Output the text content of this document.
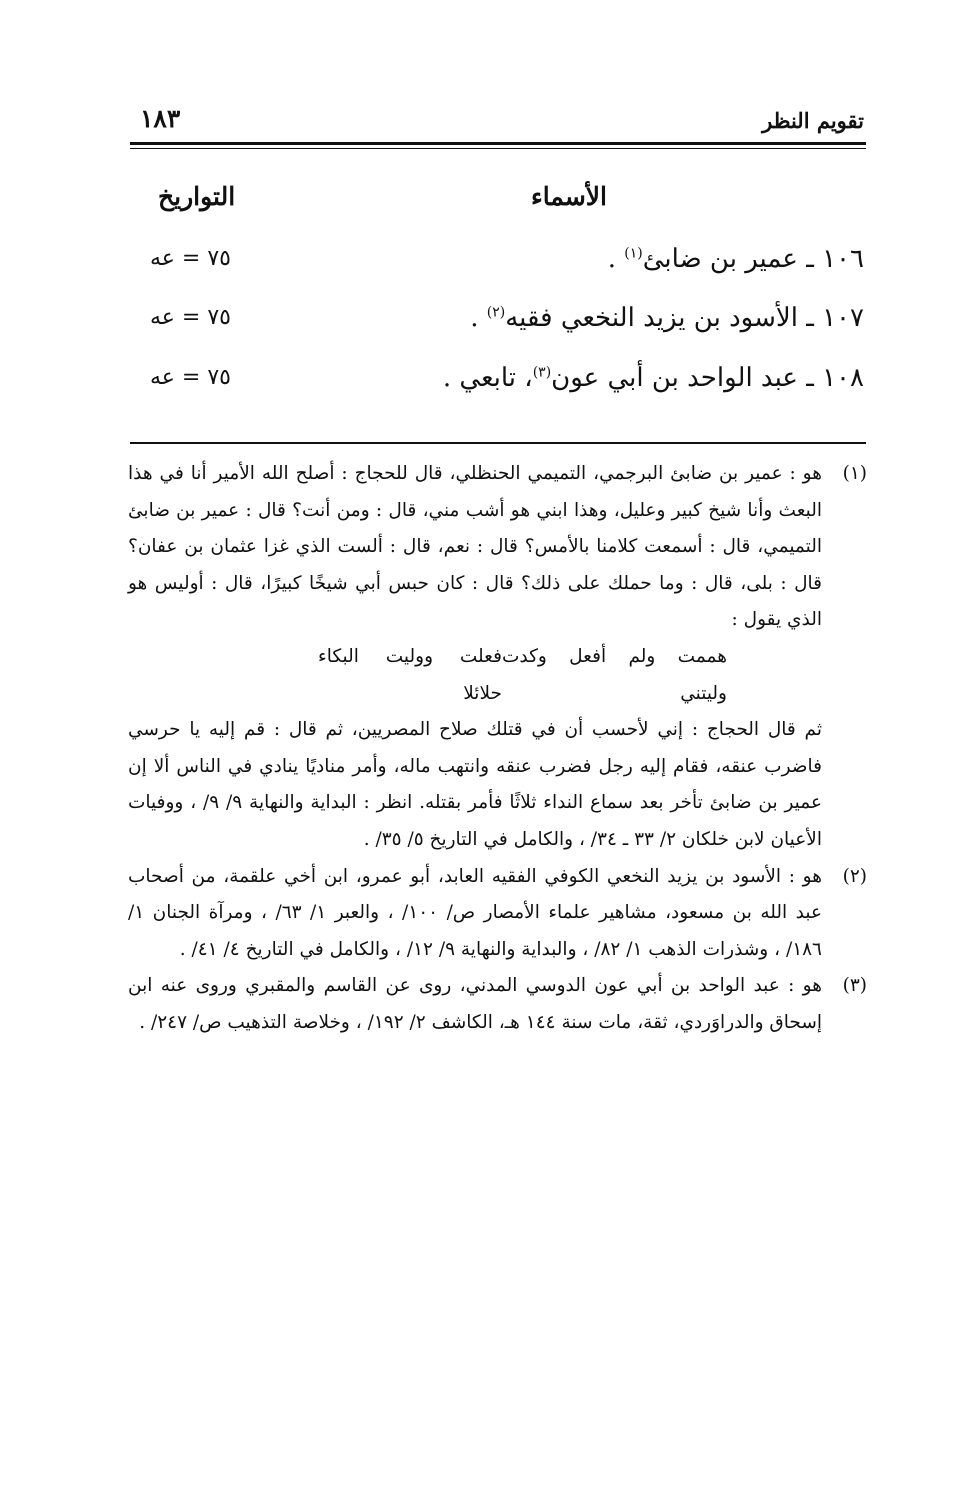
تقويم النظر
١٨٣
الأسماء
التواريخ
١٠٦ ـ عمير بن ضابئ$^{(١)}$ .
٧٥ = عه
١٠٧ ـ الأسود بن يزيد النخعي فقيه$^{(٢)}$ .
٧٥ = عه
١٠٨ ـ عبد الواحد بن أبي عون$^{(٣)}$، تابعي .
٧٥ = عه
(١)
هو : عمير بن ضابئ البرجمي، التميمي الحنظلي، قال للحجاج : أصلح الله الأمير أنا في هذا البعث وأنا شيخ كبير وعليل، وهذا ابني هو أشب مني، قال : ومن أنت؟ قال : عمير بن ضابئ التميمي، قال : أسمعت كلامنا بالأمس؟ قال : نعم، قال : ألست الذي غزا عثمان بن عفان؟ قال : بلى، قال : وما حملك على ذلك؟ قال : كان حبس أبي شيخًا كبيرًا، قال : أوليس هو الذي يقول :
هممت ولم أفعل وكدت وليتني
فعلت ووليت البكاء حلائلا
ثم قال الحجاج : إني لأحسب أن في قتلك صلاح المصريين، ثم قال : قم إليه يا حرسي فاضرب عنقه، فقام إليه رجل فضرب عنقه وانتهب ماله، وأمر مناديًا ينادي في الناس ألا إن عمير بن ضابئ تأخر بعد سماع النداء ثلاثًا فأمر بقتله. انظر : البداية والنهاية ٩/ ٩/ ، ووفيات الأعيان لابن خلكان ٢/ ٣٣ ـ ٣٤/ ، والكامل في التاريخ ٥/ ٣٥/ .
(٢)
هو : الأسود بن يزيد النخعي الكوفي الفقيه العابد، أبو عمرو، ابن أخي علقمة، من أصحاب عبد الله بن مسعود، مشاهير علماء الأمصار ص/ ١٠٠/ ، والعبر ١/ ٦٣/ ، ومرآة الجنان ١/ ١٨٦/ ، وشذرات الذهب ١/ ٨٢/ ، والبداية والنهاية ٩/ ١٢/ ، والكامل في التاريخ ٤/ ٤١/ .
(٣)
هو : عبد الواحد بن أبي عون الدوسي المدني، روى عن القاسم والمقبري وروى عنه ابن إسحاق والدراوَردي، ثقة، مات سنة ١٤٤ هـ، الكاشف ٢/ ١٩٢/ ، وخلاصة التذهيب ص/ ٢٤٧/ .
